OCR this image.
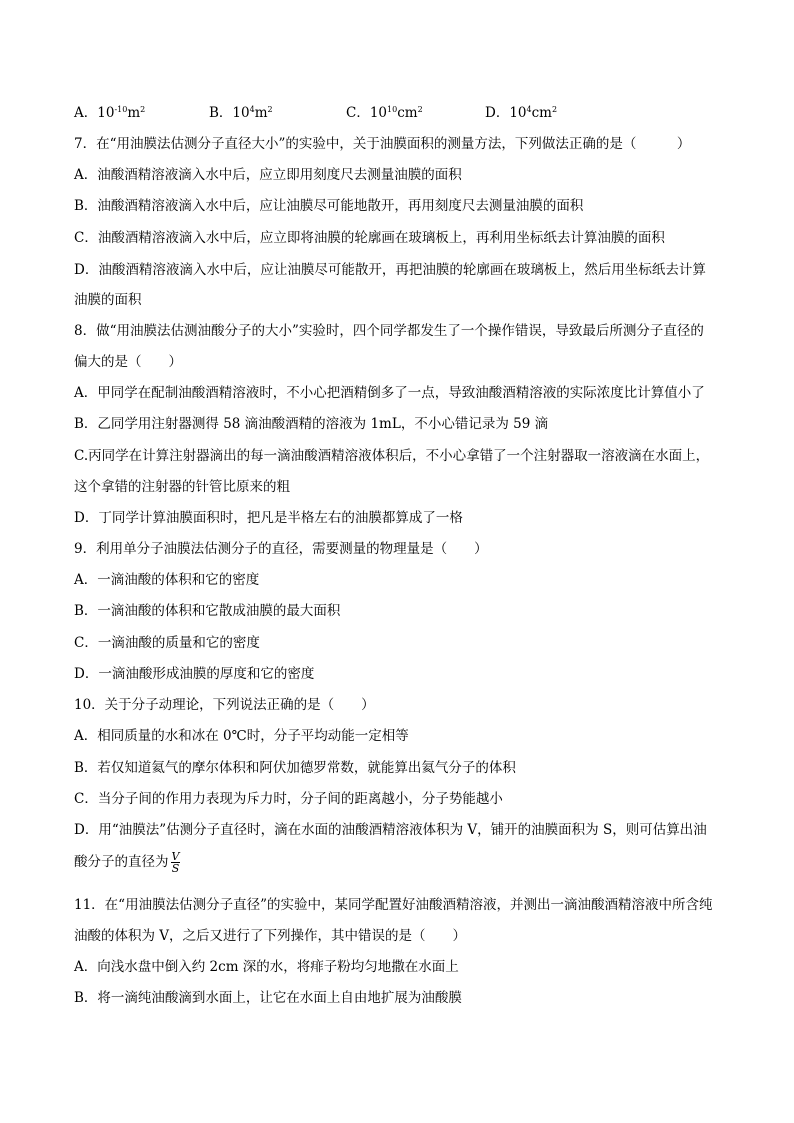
A．$10^{-10}m^2$	B．$10^4m^2$	C．$10^{10}cm^2$	D．$10^4cm^2$
7．在“用油膜法估测分子直径大小”的实验中，关于油膜面积的测量方法，下列做法正确的是（　　　）
A．油酸酒精溶液滴入水中后，应立即用刻度尺去测量油膜的面积
B．油酸酒精溶液滴入水中后，应让油膜尽可能地散开，再用刻度尺去测量油膜的面积
C．油酸酒精溶液滴入水中后，应立即将油膜的轮廓画在玻璃板上，再利用坐标纸去计算油膜的面积
D．油酸酒精溶液滴入水中后，应让油膜尽可能散开，再把油膜的轮廓画在玻璃板上，然后用坐标纸去计算
油膜的面积
8．做“用油膜法估测油酸分子的大小”实验时，四个同学都发生了一个操作错误，导致最后所测分子直径的
偏大的是（　　）
A．甲同学在配制油酸酒精溶液时，不小心把酒精倒多了一点，导致油酸酒精溶液的实际浓度比计算值小了
B．乙同学用注射器测得 58 滴油酸酒精的溶液为 1mL，不小心错记录为 59 滴
C.丙同学在计算注射器滴出的每一滴油酸酒精溶液体积后，不小心拿错了一个注射器取一溶液滴在水面上，
这个拿错的注射器的针管比原来的粗
D．丁同学计算油膜面积时，把凡是半格左右的油膜都算成了一格
9．利用单分子油膜法估测分子的直径，需要测量的物理量是（　　）
A．一滴油酸的体积和它的密度
B．一滴油酸的体积和它散成油膜的最大面积
C．一滴油酸的质量和它的密度
D．一滴油酸形成油膜的厚度和它的密度
10．关于分子动理论，下列说法正确的是（　　）
A．相同质量的水和冰在 0℃时，分子平均动能一定相等
B．若仅知道氦气的摩尔体积和阿伏加德罗常数，就能算出氦气分子的体积
C．当分子间的作用力表现为斥力时，分子间的距离越小，分子势能越小
D．用“油膜法”估测分子直径时，滴在水面的油酸酒精溶液体积为 V，铺开的油膜面积为 S，则可估算出油
酸分子的直径为 $\frac{V}{S}$
11．在“用油膜法估测分子直径”的实验中，某同学配置好油酸酒精溶液，并测出一滴油酸酒精溶液中所含纯
油酸的体积为 V，之后又进行了下列操作，其中错误的是（　　）
A．向浅水盘中倒入约 2cm 深的水，将痱子粉均匀地撒在水面上
B．将一滴纯油酸滴到水面上，让它在水面上自由地扩展为油酸膜
